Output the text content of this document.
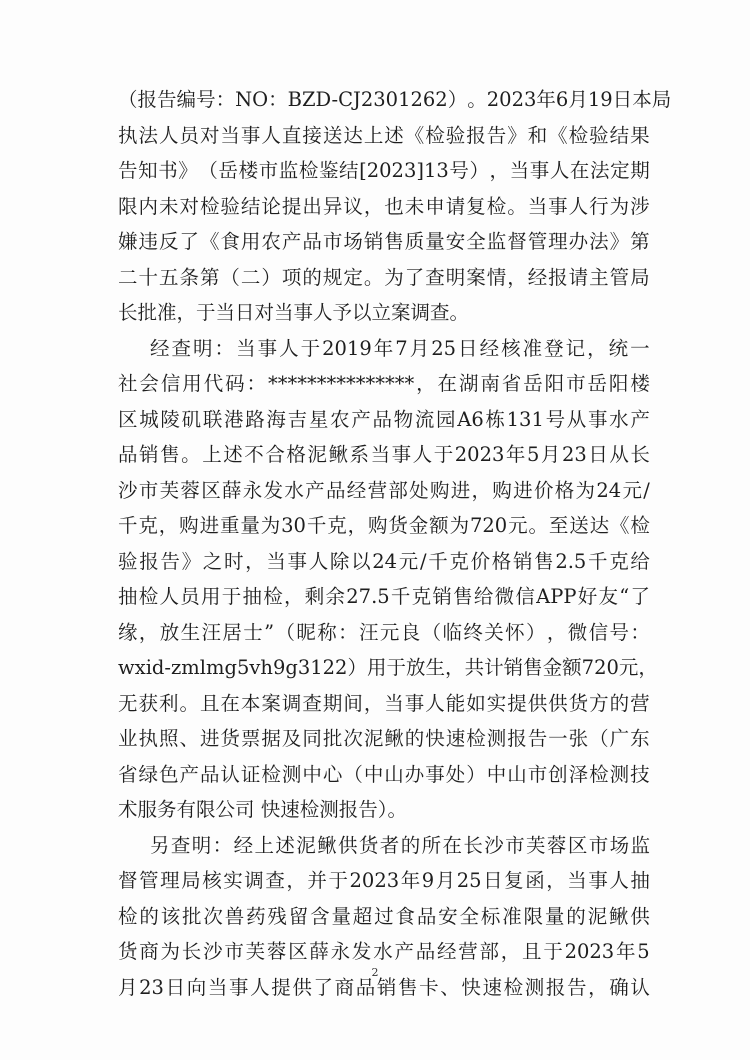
（ 报 告 编 号 ： NO ： BZD-CJ2301262 ） 。 2023 年 6 月 19 日 本 局
执 法 人 员 对 当 事 人 直 接 送 达 上 述 《 检 验 报 告 》 和 《 检 验 结 果
告 知 书 》 （ 岳 楼 市 监 检 鉴 结 [2023]13 号 ） ， 当 事 人 在 法 定 期
限 内 未 对 检 验 结 论 提 出 异 议 ， 也 未 申 请 复 检 。 当 事 人 行 为 涉
嫌 违 反 了 《 食 用 农 产 品 市 场 销 售 质 量 安 全 监 督 管 理 办 法 》 第
二 十 五 条 第 （ 二 ） 项 的 规 定 。 为 了 查 明 案 情 ， 经 报 请 主 管 局
长批准，于当日对当事人予以立案调查。
经 查 明 ： 当 事 人 于 2019 年 7 月 25 日 经 核 准 登 记 ， 统 一
社 会 信 用 代 码 ： *************** ， 在 湖 南 省 岳 阳 市 岳 阳 楼
区 城 陵 矶 联 港 路 海 吉 星 农 产 品 物 流 园 A6 栋 131 号 从 事 水 产
品 销 售 。 上 述 不 合 格 泥 鳅 系 当 事 人 于 2023 年 5 月 23 日 从 长
沙 市 芙 蓉 区 薛 永 发 水 产 品 经 营 部 处 购 进 ， 购 进 价 格 为 24 元 /
千 克 ， 购 进 重 量 为 30 千 克 ， 购 货 金 额 为 720 元 。 至 送 达 《 检
验 报 告 》 之 时 ， 当 事 人 除 以 24 元 / 千 克 价 格 销 售 2.5 千 克 给
抽 检 人 员 用 于 抽 检 ， 剩 余 27.5 千 克 销 售 给 微 信 APP 好 友 “ 了
缘 ， 放 生 汪 居 士 ” （ 昵 称 ： 汪 元 良 （ 临 终 关 怀 ） ， 微 信 号 ：
wxid-zmlmg5vh9g3122 ） 用 于 放 生 ， 共 计 销 售 金 额 720 元 ，
无 获 利 。 且 在 本 案 调 查 期 间 ， 当 事 人 能 如 实 提 供 供 货 方 的 营
业 执 照 、 进 货 票 据 及 同 批 次 泥 鳅 的 快 速 检 测 报 告 一 张 （ 广 东
省 绿 色 产 品 认 证 检 测 中 心 （ 中 山 办 事 处 ） 中 山 市 创 泽 检 测 技
术服务有限公司 快速检测报告）。
另 查 明 ： 经 上 述 泥 鳅 供 货 者 的 所 在 长 沙 市 芙 蓉 区 市 场 监
督 管 理 局 核 实 调 查 ， 并 于 2023 年 9 月 25 日 复 函 ， 当 事 人 抽
检 的 该 批 次 兽 药 残 留 含 量 超 过 食 品 安 全 标 准 限 量 的 泥 鳅 供
货 商 为 长 沙 市 芙 蓉 区 薛 永 发 水 产 品 经 营 部 ， 且 于 2023 年 5
月 23 日 向 当 事 人 提 供 了 商 品 销 售 卡 、 快 速 检 测 报 告 ， 确 认
2
